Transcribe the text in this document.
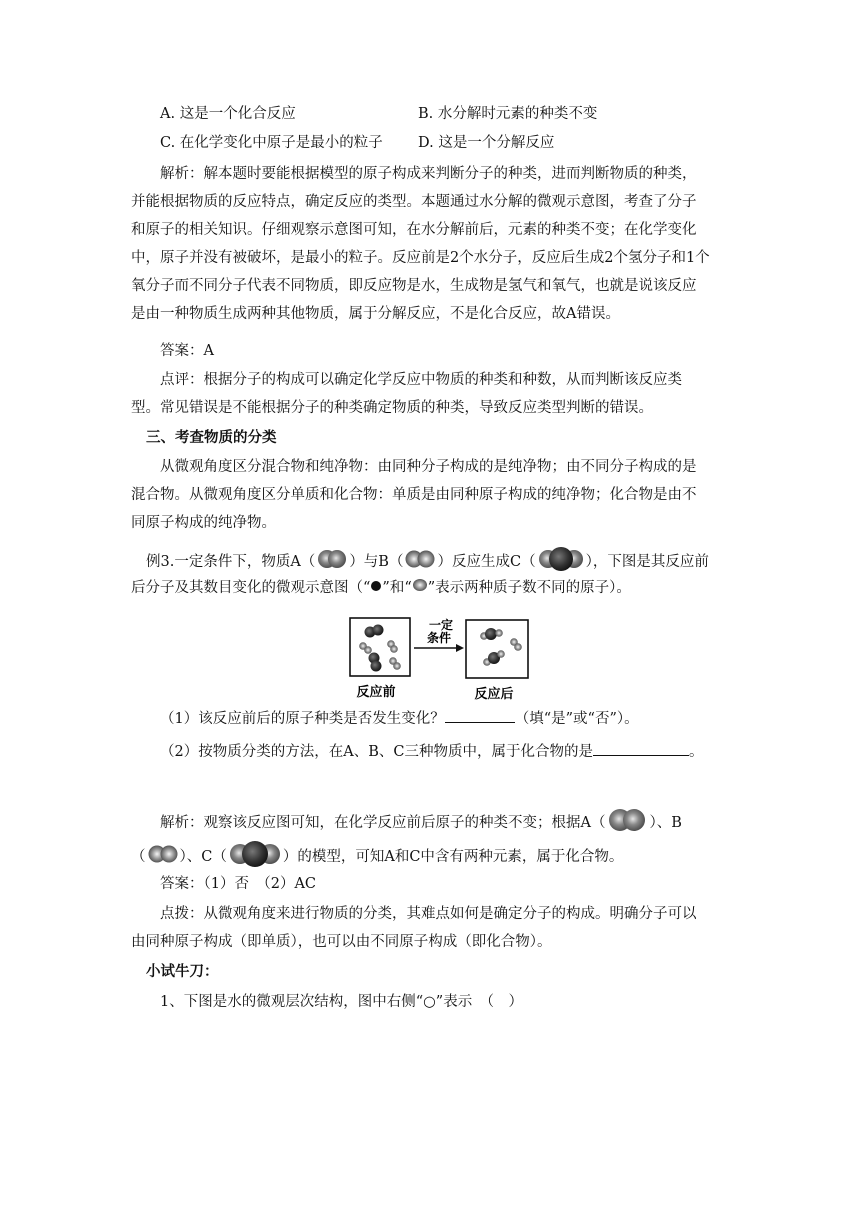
A. 这是一个化合反应	B. 水分解时元素的种类不变
C. 在化学变化中原子是最小的粒子 D. 这是一个分解反应
解析：解本题时要能根据模型的原子构成来判断分子的种类，进而判断物质的种类，
并能根据物质的反应特点，确定反应的类型。本题通过水分解的微观示意图，考查了分子
和原子的相关知识。仔细观察示意图可知，在水分解前后，元素的种类不变；在化学变化
中，原子并没有被破坏，是最小的粒子。反应前是2个水分子，反应后生成2个氢分子和1个
氧分子而不同分子代表不同物质，即反应物是水，生成物是氢气和氧气，也就是说该反应
是由一种物质生成两种其他物质，属于分解反应，不是化合反应，故A错误。
答案：A
点评：根据分子的构成可以确定化学反应中物质的种类和种数，从而判断该反应类
型。常见错误是不能根据分子的种类确定物质的种类，导致反应类型判断的错误。
三、考查物质的分类
从微观角度区分混合物和纯净物：由同种分子构成的是纯净物；由不同分子构成的是
混合物。从微观角度区分单质和化合物：单质是由同种原子构成的纯净物；化合物是由不
同原子构成的纯净物。
例3.一定条件下，物质A（ ）与B（ ）反应生成C（	），下图是其反应前
后分子及其数目变化的微观示意图（“ ”和“ ”表示两种质子数不同的原子）。
一定
条件
反应前	反应后
（1）该反应前后的原子种类是否发生变化？	（填“是”或“否”）。
（2）按物质分类的方法，在A、B、C三种物质中，属于化合物的是	。
解析：观察该反应图可知，在化学反应前后原子的种类不变；根据A（	）、B
（ ）、C（	）的模型，可知A和C中含有两种元素，属于化合物。
答案：（1）否　（2）AC
点拨：从微观角度来进行物质的分类，其难点如何是确定分子的构成。明确分子可以
由同种原子构成（即单质），也可以由不同原子构成（即化合物）。
小试牛刀：
1、下图是水的微观层次结构，图中右侧“○”表示　（　）
